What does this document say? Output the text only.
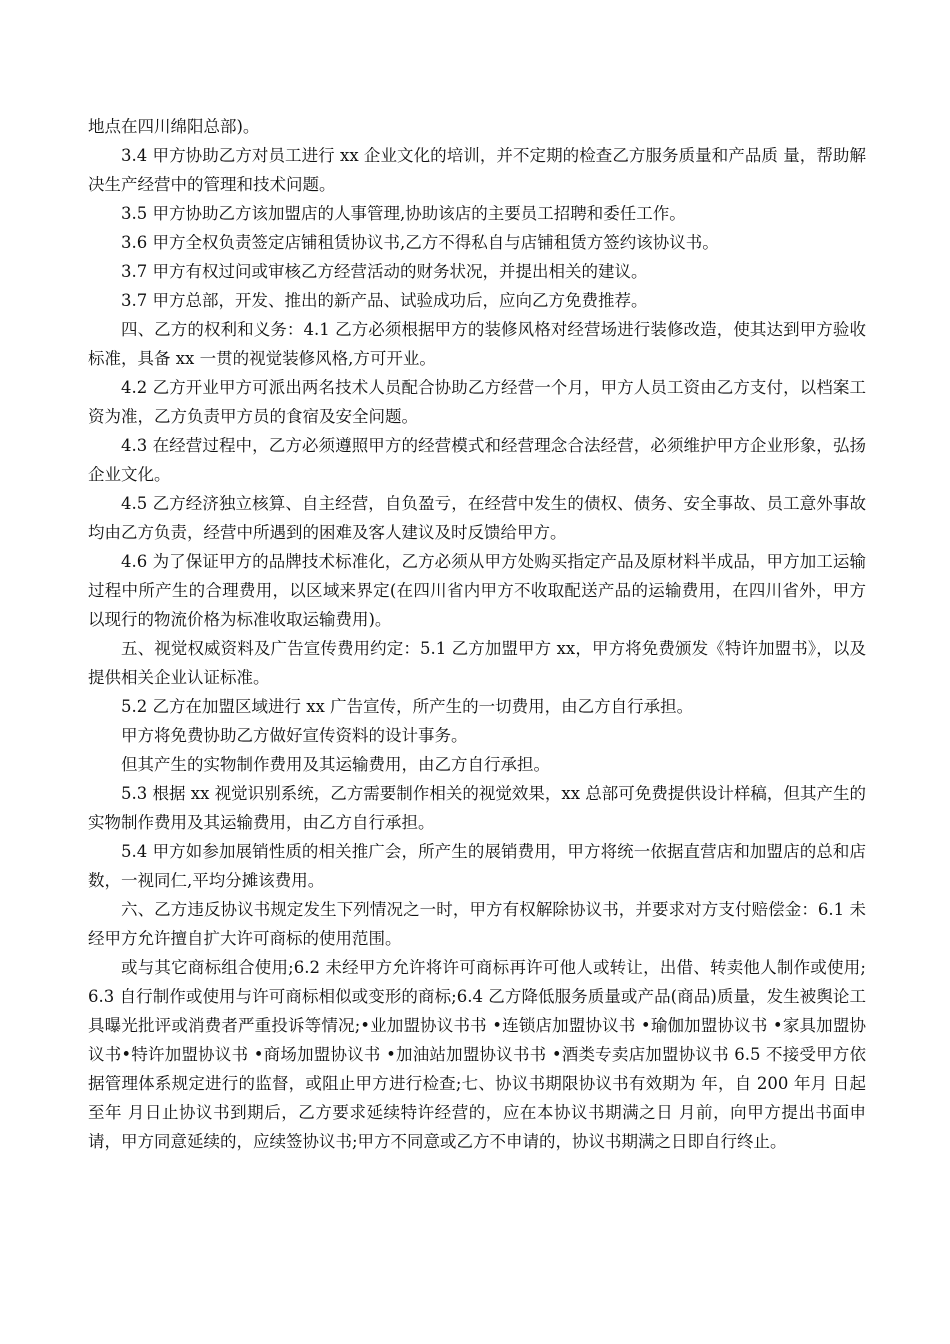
地点在四川绵阳总部)。

3.4 甲方协助乙方对员工进行 xx 企业文化的培训，并不定期的检查乙方服务质量和产品质 量，帮助解决生产经营中的管理和技术问题。

3.5 甲方协助乙方该加盟店的人事管理,协助该店的主要员工招聘和委任工作。

3.6 甲方全权负责签定店铺租赁协议书,乙方不得私自与店铺租赁方签约该协议书。

3.7 甲方有权过问或审核乙方经营活动的财务状况，并提出相关的建议。

3.7 甲方总部，开发、推出的新产品、试验成功后，应向乙方免费推荐。

四、乙方的权利和义务：4.1 乙方必须根据甲方的装修风格对经营场进行装修改造，使其达到甲方验收标准，具备 xx 一贯的视觉装修风格,方可开业。

4.2 乙方开业甲方可派出两名技术人员配合协助乙方经营一个月，甲方人员工资由乙方支付，以档案工资为准，乙方负责甲方员的食宿及安全问题。

4.3 在经营过程中，乙方必须遵照甲方的经营模式和经营理念合法经营，必须维护甲方企业形象，弘扬企业文化。

4.5 乙方经济独立核算、自主经营，自负盈亏，在经营中发生的债权、债务、安全事故、员工意外事故均由乙方负责，经营中所遇到的困难及客人建议及时反馈给甲方。

4.6 为了保证甲方的品牌技术标准化，乙方必须从甲方处购买指定产品及原材料半成品，甲方加工运输过程中所产生的合理费用，以区域来界定(在四川省内甲方不收取配送产品的运输费用，在四川省外，甲方以现行的物流价格为标准收取运输费用)。

五、视觉权威资料及广告宣传费用约定：5.1 乙方加盟甲方 xx，甲方将免费颁发《特许加盟书》，以及提供相关企业认证标准。

5.2 乙方在加盟区域进行 xx 广告宣传，所产生的一切费用，由乙方自行承担。

甲方将免费协助乙方做好宣传资料的设计事务。

但其产生的实物制作费用及其运输费用，由乙方自行承担。

5.3 根据 xx 视觉识别系统，乙方需要制作相关的视觉效果，xx 总部可免费提供设计样稿，但其产生的实物制作费用及其运输费用，由乙方自行承担。

5.4 甲方如参加展销性质的相关推广会，所产生的展销费用，甲方将统一依据直营店和加盟店的总和店数，一视同仁,平均分摊该费用。

六、乙方违反协议书规定发生下列情况之一时，甲方有权解除协议书，并要求对方支付赔偿金：6.1 未经甲方允许擅自扩大许可商标的使用范围。

或与其它商标组合使用;6.2 未经甲方允许将许可商标再许可他人或转让，出借、转卖他人制作或使用;6.3 自行制作或使用与许可商标相似或变形的商标;6.4 乙方降低服务质量或产品(商品)质量，发生被舆论工具曝光批评或消费者严重投诉等情况;•业加盟协议书书 •连锁店加盟协议书 •瑜伽加盟协议书 •家具加盟协议书•特许加盟协议书 •商场加盟协议书 •加油站加盟协议书书 •酒类专卖店加盟协议书 6.5 不接受甲方依据管理体系规定进行的监督，或阻止甲方进行检查;七、协议书期限协议书有效期为 年，自 200 年月 日起至年 月日止协议书到期后，乙方要求延续特许经营的，应在本协议书期满之日 月前，向甲方提出书面申请，甲方同意延续的，应续签协议书;甲方不同意或乙方不申请的，协议书期满之日即自行终止。
